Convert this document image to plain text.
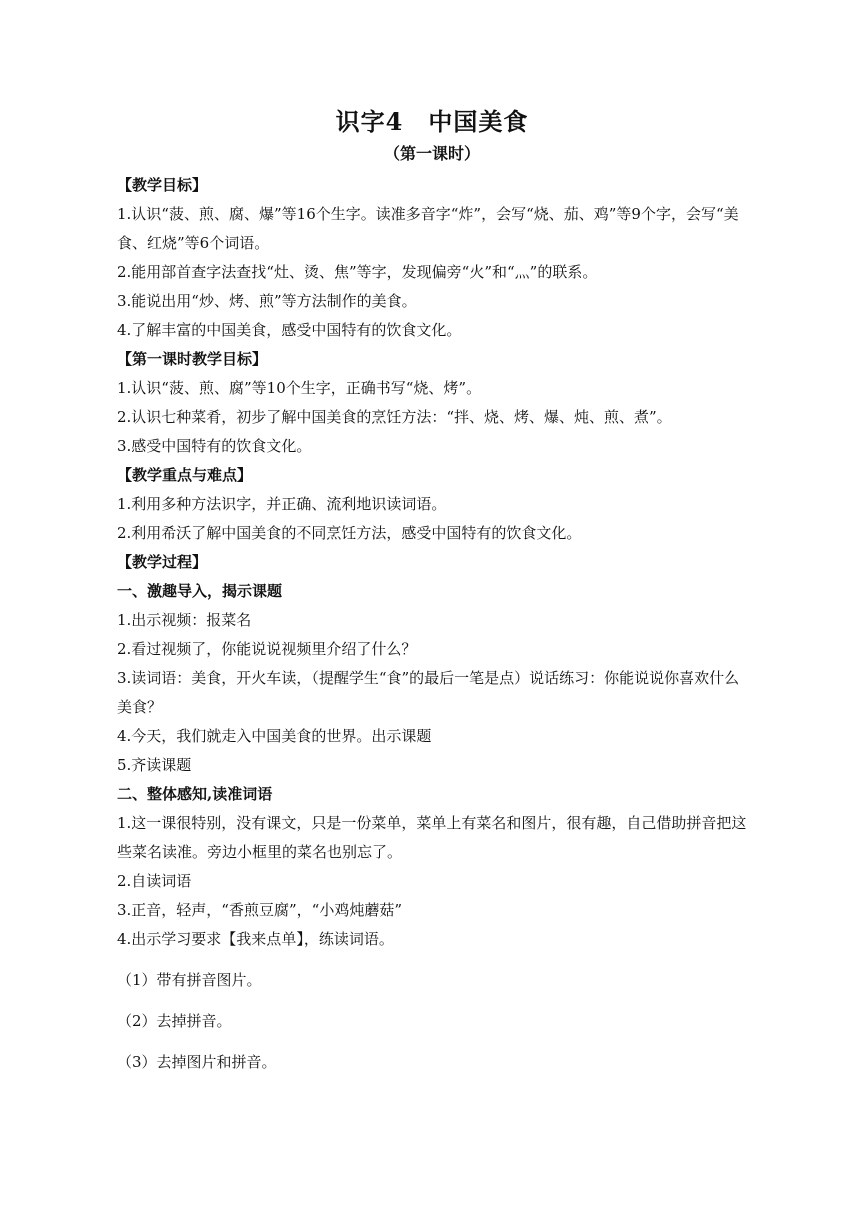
识字4　中国美食
（第一课时）

【教学目标】

1.认识“菠、煎、腐、爆”等16个生字。读准多音字“炸”，会写“烧、茄、鸡”等9个字，会写“美食、红烧”等6个词语。

2.能用部首查字法查找“灶、烫、焦”等字，发现偏旁“火”和“灬”的联系。

3.能说出用“炒、烤、煎”等方法制作的美食。

4.了解丰富的中国美食，感受中国特有的饮食文化。

【第一课时教学目标】

1.认识“菠、煎、腐”等10个生字，正确书写“烧、烤”。

2.认识七种菜肴，初步了解中国美食的烹饪方法：“拌、烧、烤、爆、炖、煎、煮”。

3.感受中国特有的饮食文化。

【教学重点与难点】

1.利用多种方法识字，并正确、流利地识读词语。

2.利用希沃了解中国美食的不同烹饪方法，感受中国特有的饮食文化。

【教学过程】

一、激趣导入，揭示课题

1.出示视频：报菜名

2.看过视频了，你能说说视频里介绍了什么？

3.读词语：美食，开火车读，（提醒学生“食”的最后一笔是点）说话练习：你能说说你喜欢什么美食？

4.今天，我们就走入中国美食的世界。出示课题

5.齐读课题

二、整体感知,读准词语

1.这一课很特别，没有课文，只是一份菜单，菜单上有菜名和图片，很有趣，自己借助拼音把这些菜名读准。旁边小框里的菜名也别忘了。

2.自读词语

3.正音，轻声，“香煎豆腐”，“小鸡炖蘑菇”

4.出示学习要求【我来点单】，练读词语。

（1）带有拼音图片。

（2）去掉拼音。

（3）去掉图片和拼音。
